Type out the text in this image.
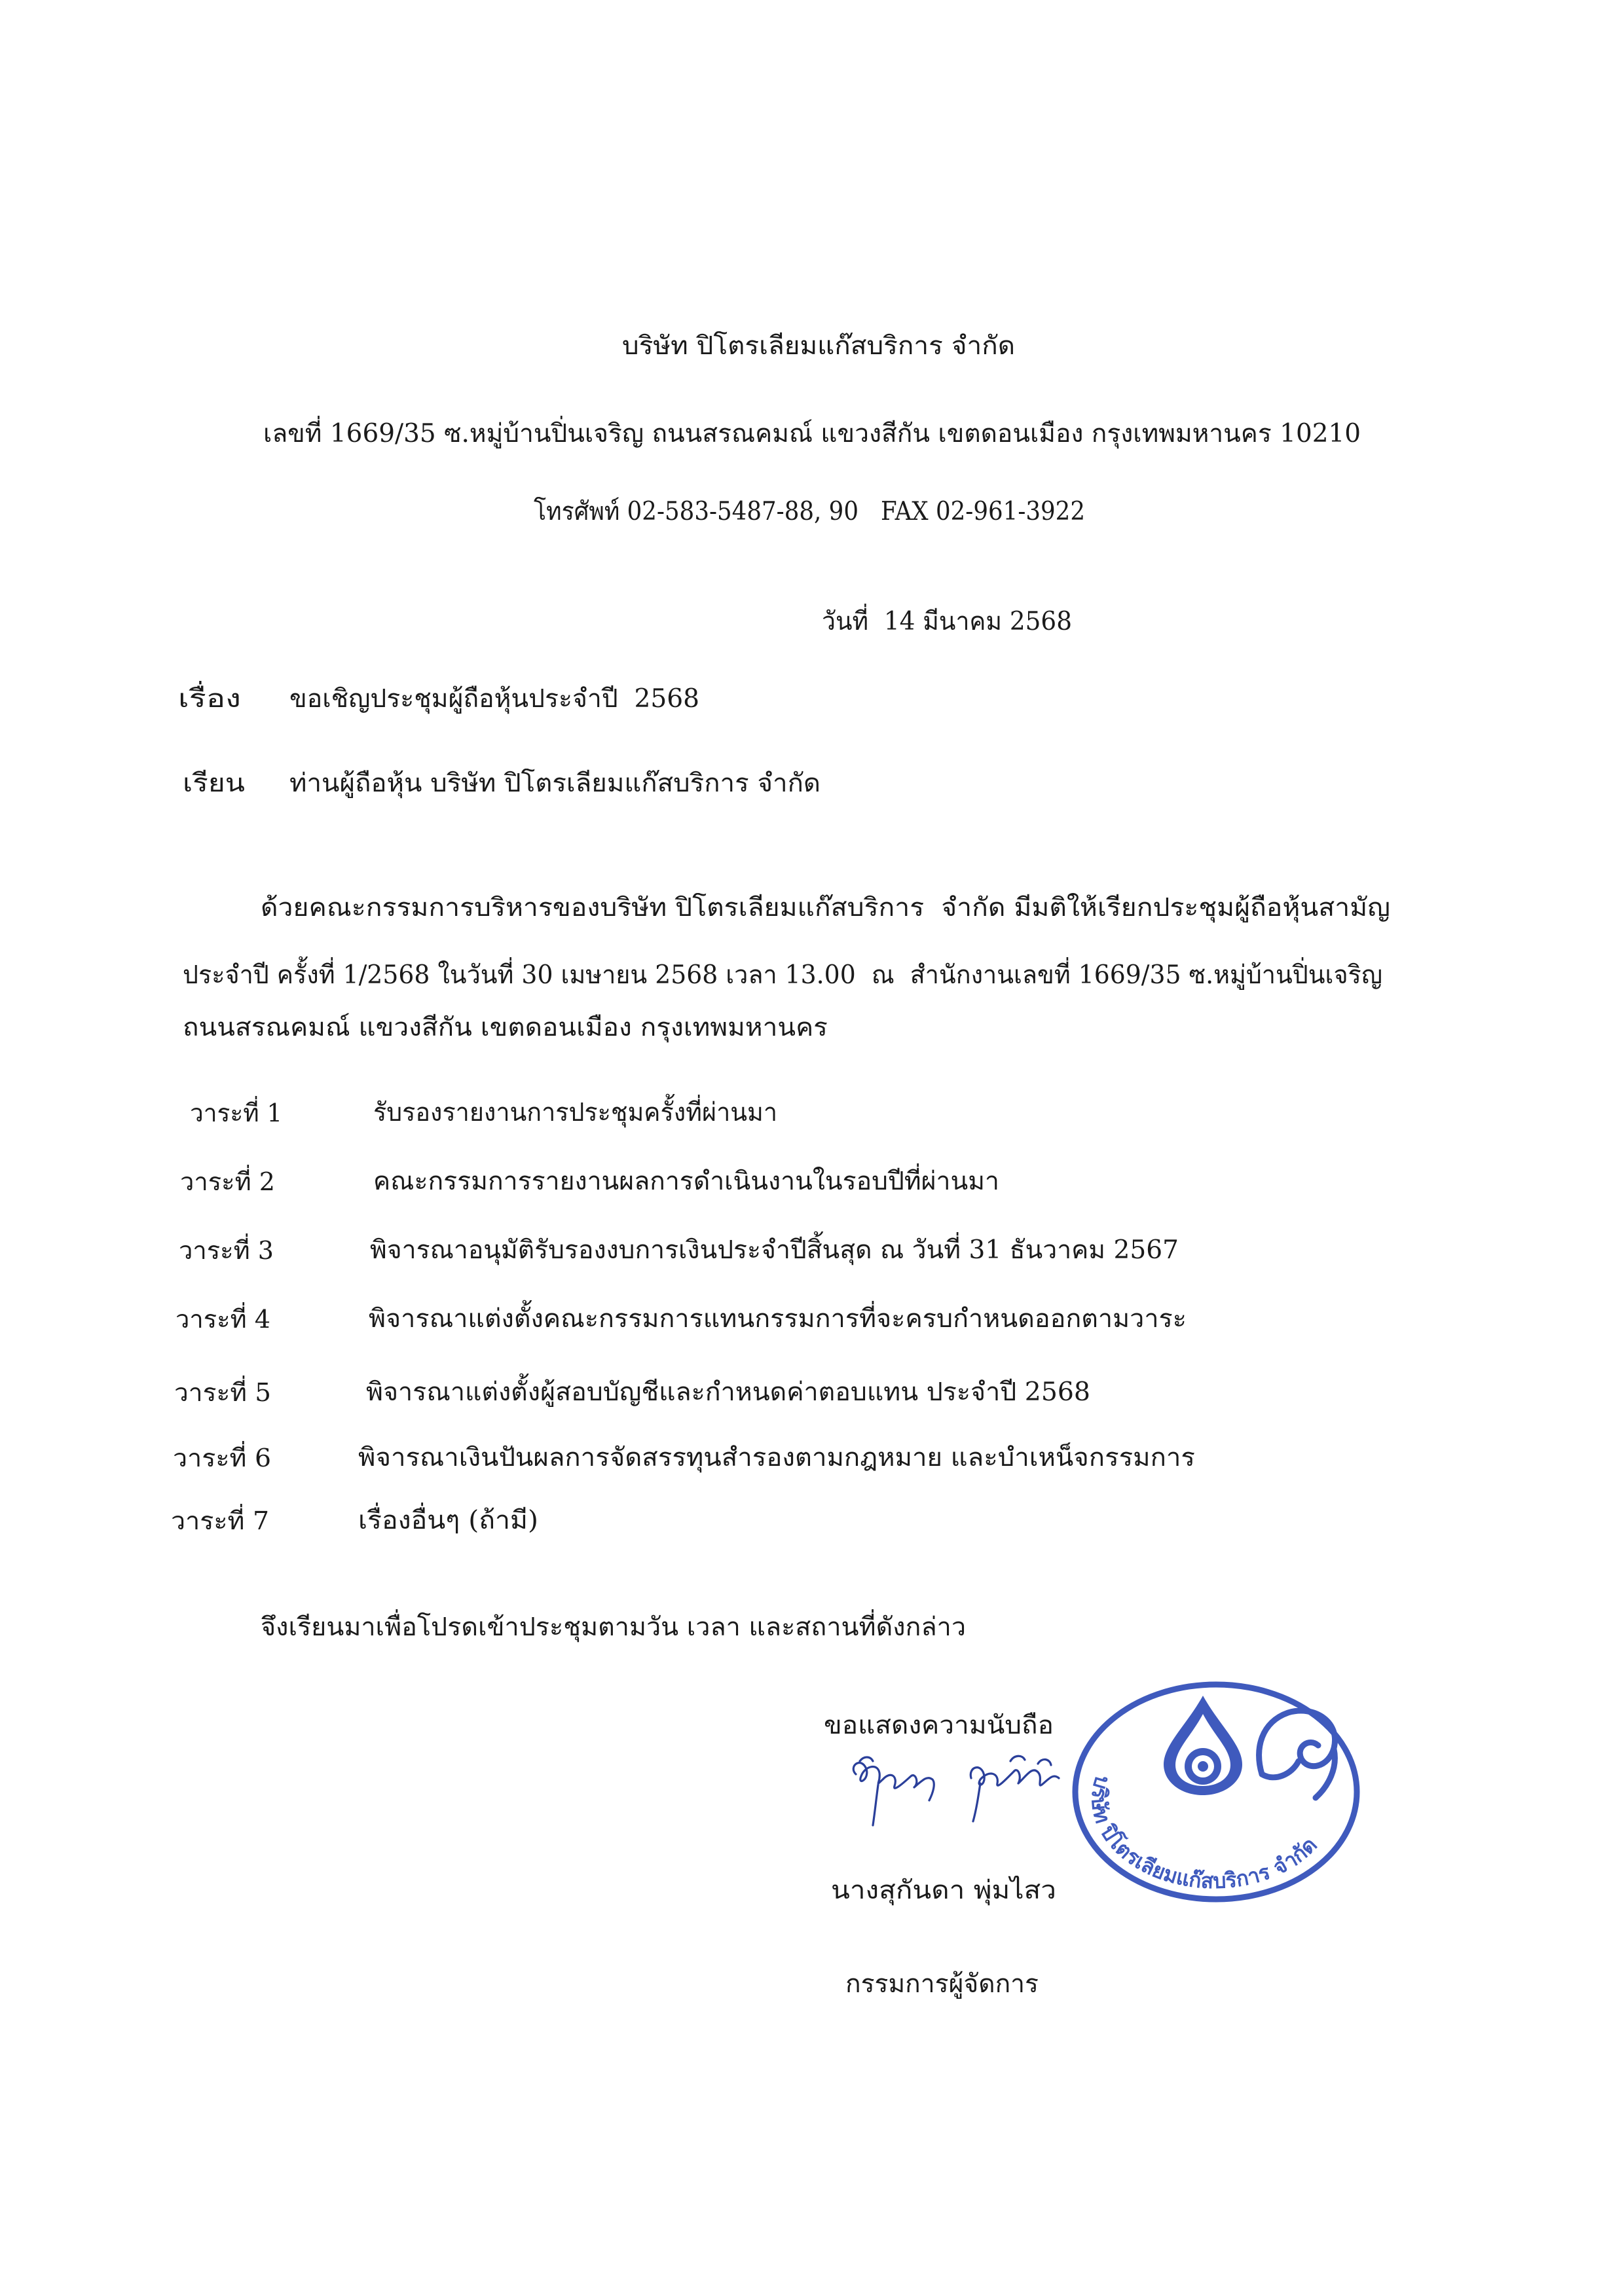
บริษัท ปิโตรเลียมแก๊สบริการ จำกัด
เลขที่ 1669/35 ซ.หมู่บ้านปิ่นเจริญ ถนนสรณคมณ์ แขวงสีกัน เขตดอนเมือง กรุงเทพมหานคร 10210
โทรศัพท์ 02-583-5487-88, 90   FAX 02-961-3922
วันที่  14 มีนาคม 2568
เรื่อง ขอเชิญประชุมผู้ถือหุ้นประจำปี  2568
เรียน ท่านผู้ถือหุ้น บริษัท ปิโตรเลียมแก๊สบริการ จำกัด
ด้วยคณะกรรมการบริหารของบริษัท ปิโตรเลียมแก๊สบริการ  จำกัด มีมติให้เรียกประชุมผู้ถือหุ้นสามัญ
ประจำปี ครั้งที่ 1/2568 ในวันที่ 30 เมษายน 2568 เวลา 13.00  ณ  สำนักงานเลขที่ 1669/35 ซ.หมู่บ้านปิ่นเจริญ
ถนนสรณคมณ์ แขวงสีกัน เขตดอนเมือง กรุงเทพมหานคร
วาระที่ 1	รับรองรายงานการประชุมครั้งที่ผ่านมา
วาระที่ 2	คณะกรรมการรายงานผลการดำเนินงานในรอบปีที่ผ่านมา
วาระที่ 3	พิจารณาอนุมัติรับรองงบการเงินประจำปีสิ้นสุด ณ วันที่ 31 ธันวาคม 2567
วาระที่ 4	พิจารณาแต่งตั้งคณะกรรมการแทนกรรมการที่จะครบกำหนดออกตามวาระ
วาระที่ 5	พิจารณาแต่งตั้งผู้สอบบัญชีและกำหนดค่าตอบแทน ประจำปี 2568
วาระที่ 6	พิจารณาเงินปันผลการจัดสรรทุนสำรองตามกฎหมาย และบำเหน็จกรรมการ
วาระที่ 7	เรื่องอื่นๆ (ถ้ามี)
จึงเรียนมาเพื่อโปรดเข้าประชุมตามวัน เวลา และสถานที่ดังกล่าว
ขอแสดงความนับถือ
นางสุกันดา พุ่มไสว
กรรมการผู้จัดการ
บริษัท ปิโตรเลียมแก๊สบริการ จำกัด
